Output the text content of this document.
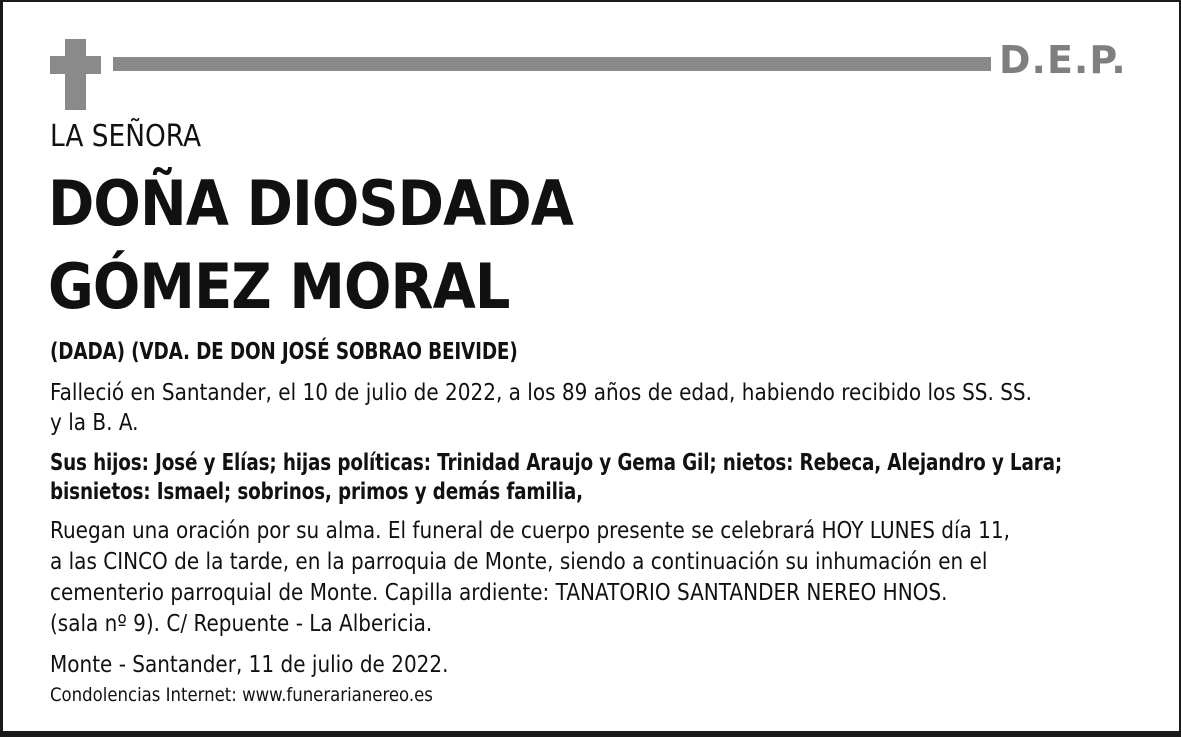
D.E.P.
LA SEÑORA
DOÑA DIOSDADA
GÓMEZ MORAL
(DADA) (VDA. DE DON JOSÉ SOBRAO BEIVIDE)
Falleció en Santander, el 10 de julio de 2022, a los 89 años de edad, habiendo recibido los SS. SS.
y la B. A.
Sus hijos: José y Elías; hijas políticas: Trinidad Araujo y Gema Gil; nietos: Rebeca, Alejandro y Lara;
bisnietos: Ismael; sobrinos, primos y demás familia,
Ruegan una oración por su alma. El funeral de cuerpo presente se celebrará HOY LUNES día 11,
a las CINCO de la tarde, en la parroquia de Monte, siendo a continuación su inhumación en el
cementerio parroquial de Monte. Capilla ardiente: TANATORIO SANTANDER NEREO HNOS.
(sala nº 9). C/ Repuente - La Albericia.
Monte - Santander, 11 de julio de 2022.
Condolencias Internet: www.funerarianereo.es
